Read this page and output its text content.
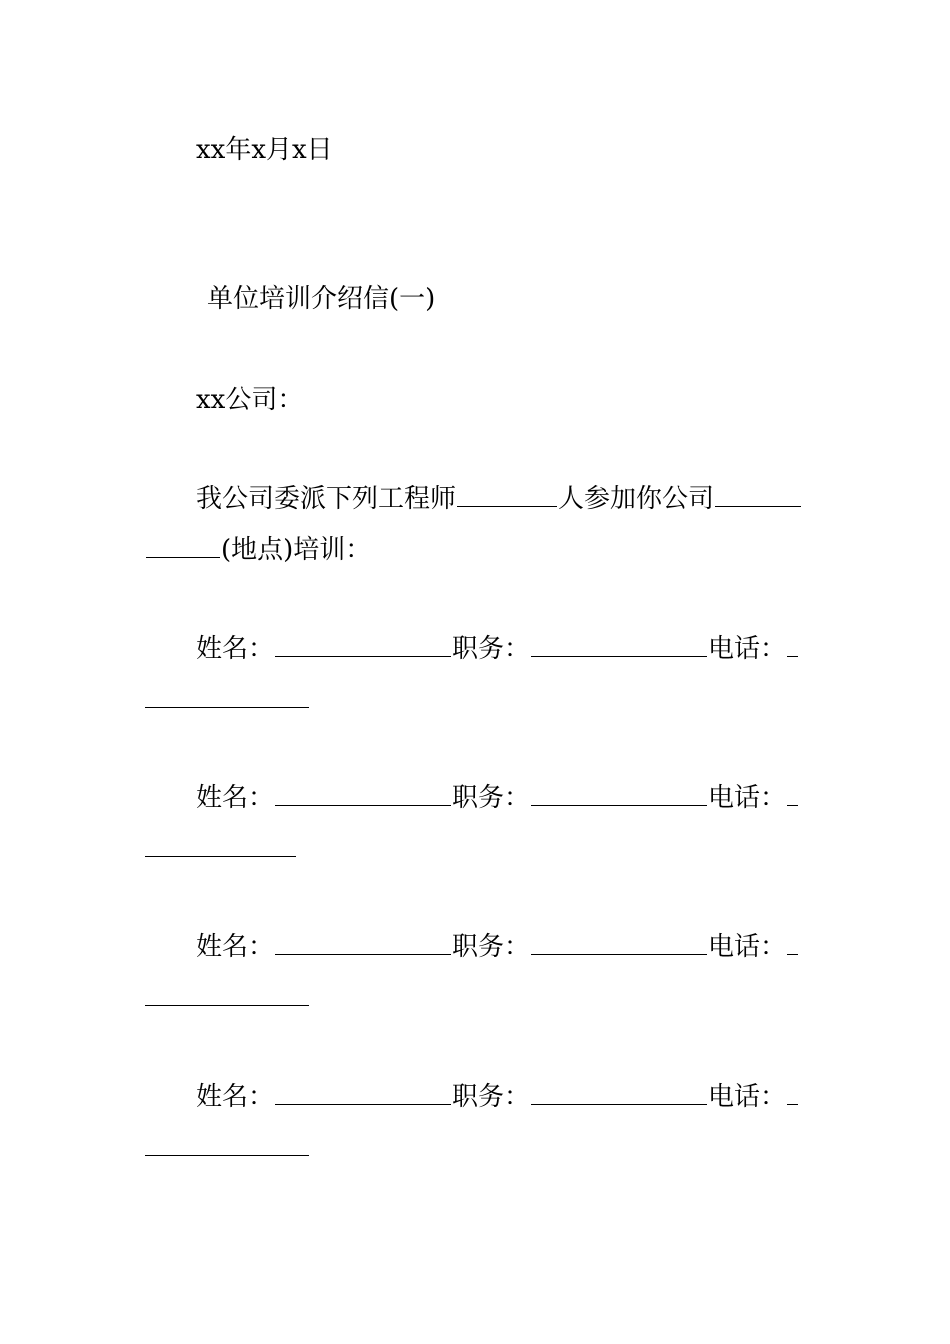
xx年x月x日
单位培训介绍信(一)
xx公司：
我公司委派下列工程师	人参加你公司
(地点)培训：
姓名：	职务：	电话：
姓名：	职务：	电话：
姓名：	职务：	电话：
姓名：	职务：	电话：
